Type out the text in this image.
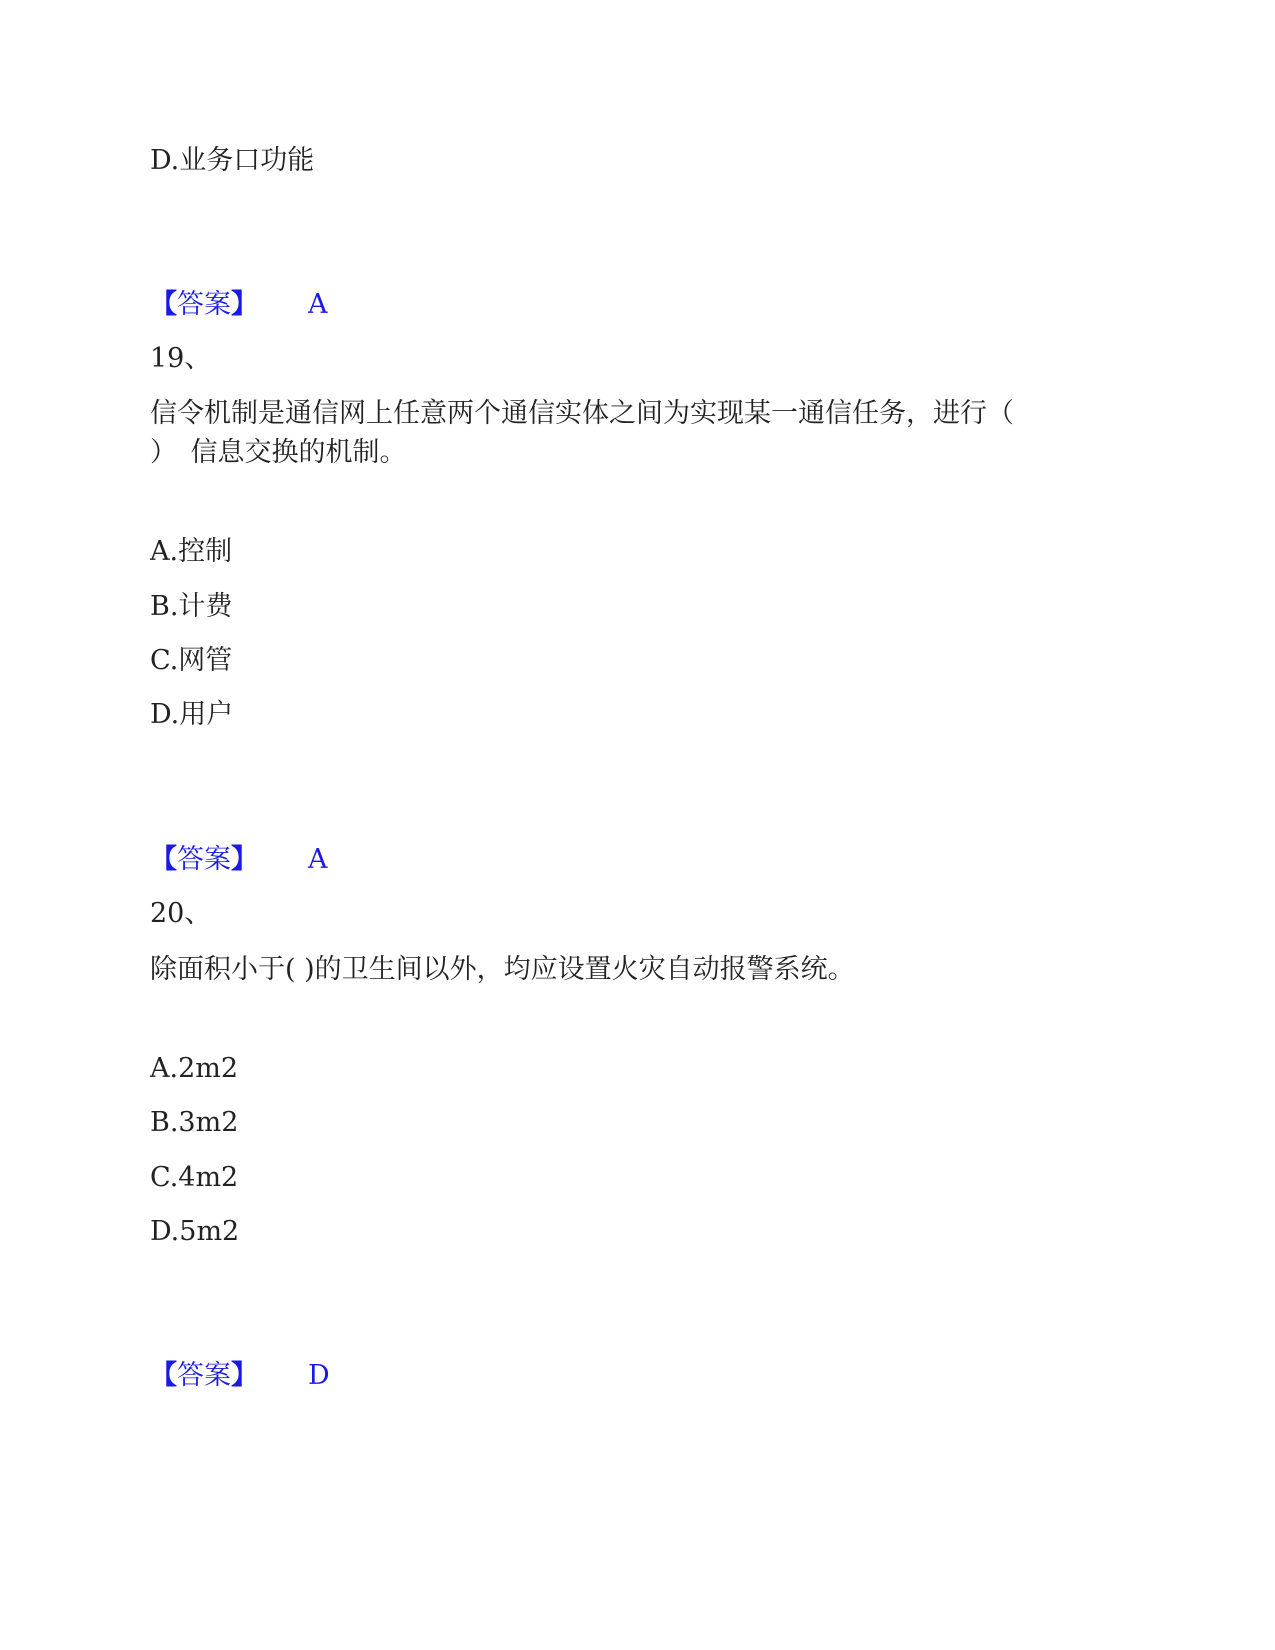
D.业务口功能
【答案】 A
19、
信令机制是通信网上任意两个通信实体之间为实现某一通信任务，进行（
）　信息交换的机制。
A.控制
B.计费
C.网管
D.用户
【答案】 A
20、
除面积小于( )的卫生间以外，均应设置火灾自动报警系统。
A.2m2
B.3m2
C.4m2
D.5m2
【答案】 D
